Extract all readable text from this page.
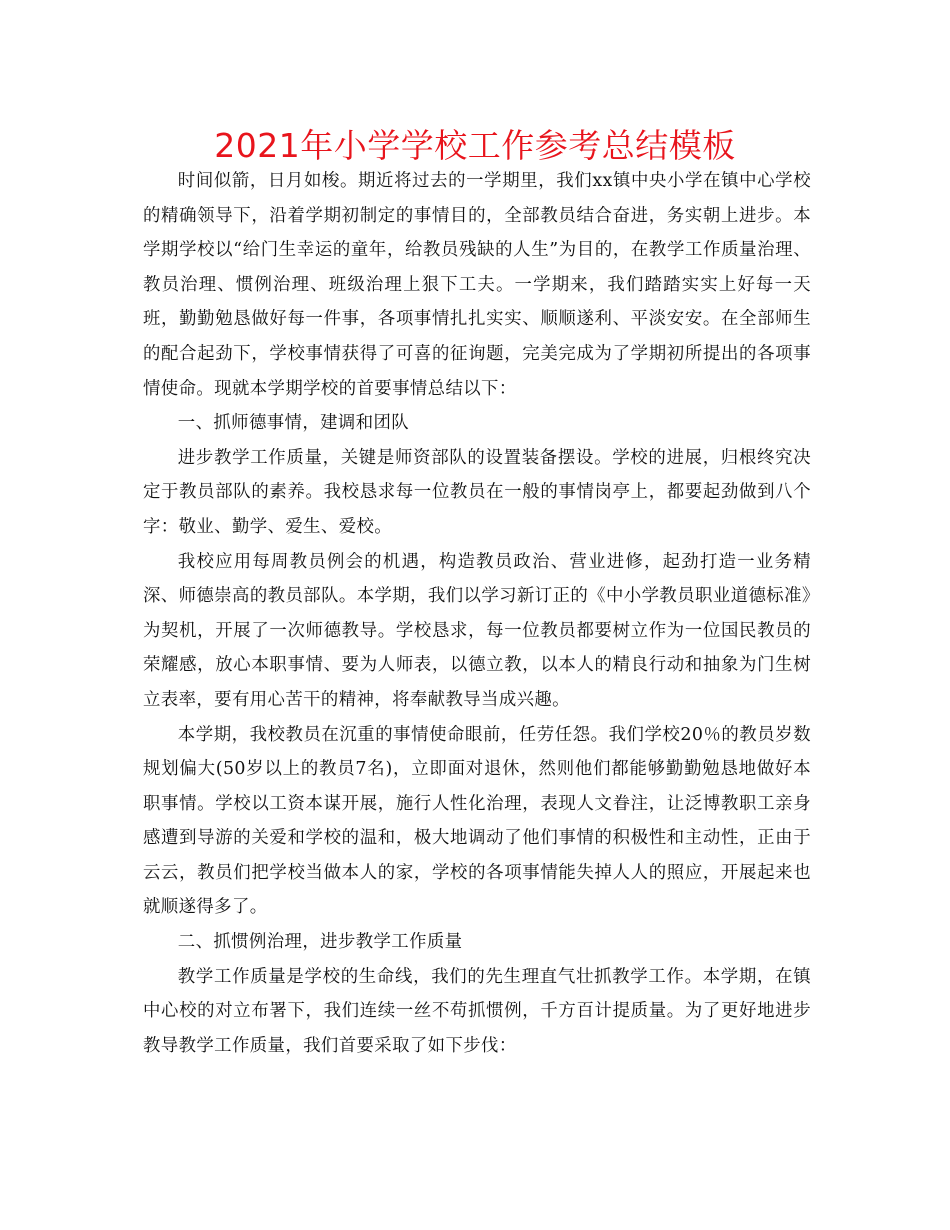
2021年小学学校工作参考总结模板

时间似箭，日月如梭。期近将过去的一学期里，我们xx镇中央小学在镇中心学校的精确领导下，沿着学期初制定的事情目的，全部教员结合奋进，务实朝上进步。本学期学校以“给门生幸运的童年，给教员残缺的人生”为目的，在教学工作质量治理、教员治理、惯例治理、班级治理上狠下工夫。一学期来，我们踏踏实实上好每一天班，勤勤勉恳做好每一件事，各项事情扎扎实实、顺顺遂利、平淡安安。在全部师生的配合起劲下，学校事情获得了可喜的征询题，完美完成为了学期初所提出的各项事情使命。现就本学期学校的首要事情总结以下：

一、抓师德事情，建调和团队

进步教学工作质量，关键是师资部队的设置装备摆设。学校的进展，归根终究决定于教员部队的素养。我校恳求每一位教员在一般的事情岗亭上，都要起劲做到八个字：敬业、勤学、爱生、爱校。

我校应用每周教员例会的机遇，构造教员政治、营业进修，起劲打造一业务精深、师德崇高的教员部队。本学期，我们以学习新订正的《中小学教员职业道德标准》为契机，开展了一次师德教导。学校恳求，每一位教员都要树立作为一位国民教员的荣耀感，放心本职事情、要为人师表，以德立教，以本人的精良行动和抽象为门生树立表率，要有用心苦干的精神，将奉献教导当成兴趣。

本学期，我校教员在沉重的事情使命眼前，任劳任怨。我们学校20％的教员岁数规划偏大(50岁以上的教员7名)，立即面对退休，然则他们都能够勤勤勉恳地做好本职事情。学校以工资本谋开展，施行人性化治理，表现人文眷注，让泛博教职工亲身感遭到导游的关爱和学校的温和，极大地调动了他们事情的积极性和主动性，正由于云云，教员们把学校当做本人的家，学校的各项事情能失掉人人的照应，开展起来也就顺遂得多了。

二、抓惯例治理，进步教学工作质量

教学工作质量是学校的生命线，我们的先生理直气壮抓教学工作。本学期，在镇中心校的对立布署下，我们连续一丝不苟抓惯例，千方百计提质量。为了更好地进步教导教学工作质量，我们首要采取了如下步伐：
